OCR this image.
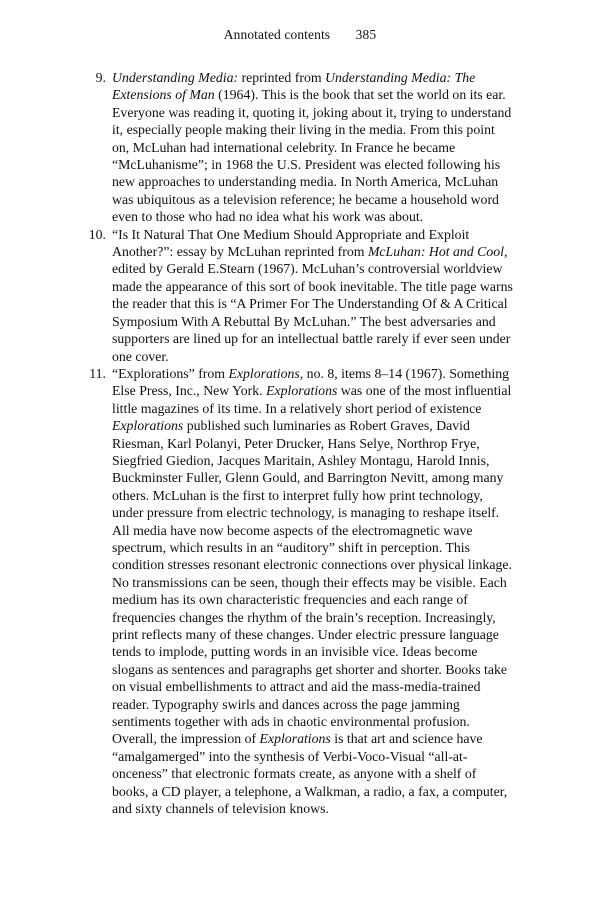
Annotated contents 385
9. Understanding Media: reprinted from Understanding Media: The Extensions of Man (1964). This is the book that set the world on its ear. Everyone was reading it, quoting it, joking about it, trying to understand it, especially people making their living in the media. From this point on, McLuhan had international celebrity. In France he became “McLuhanisme”; in 1968 the U.S. President was elected following his new approaches to understanding media. In North America, McLuhan was ubiquitous as a television reference; he became a household word even to those who had no idea what his work was about.
10. “Is It Natural That One Medium Should Appropriate and Exploit Another?”: essay by McLuhan reprinted from McLuhan: Hot and Cool, edited by Gerald E.Stearn (1967). McLuhan’s controversial worldview made the appearance of this sort of book inevitable. The title page warns the reader that this is “A Primer For The Understanding Of & A Critical Symposium With A Rebuttal By McLuhan.” The best adversaries and supporters are lined up for an intellectual battle rarely if ever seen under one cover.
11. “Explorations” from Explorations, no. 8, items 8–14 (1967). Something Else Press, Inc., New York. Explorations was one of the most influential little magazines of its time. In a relatively short period of existence Explorations published such luminaries as Robert Graves, David Riesman, Karl Polanyi, Peter Drucker, Hans Selye, Northrop Frye, Siegfried Giedion, Jacques Maritain, Ashley Montagu, Harold Innis, Buckminster Fuller, Glenn Gould, and Barrington Nevitt, among many others. McLuhan is the first to interpret fully how print technology, under pressure from electric technology, is managing to reshape itself. All media have now become aspects of the electromagnetic wave spectrum, which results in an “auditory” shift in perception. This condition stresses resonant electronic connections over physical linkage. No transmissions can be seen, though their effects may be visible. Each medium has its own characteristic frequencies and each range of frequencies changes the rhythm of the brain’s reception. Increasingly, print reflects many of these changes. Under electric pressure language tends to implode, putting words in an invisible vice. Ideas become slogans as sentences and paragraphs get shorter and shorter. Books take on visual embellishments to attract and aid the mass-media-trained reader. Typography swirls and dances across the page jamming sentiments together with ads in chaotic environmental profusion. Overall, the impression of Explorations is that art and science have “amalgamerged” into the synthesis of Verbi-Voco-Visual “all-at-onceness” that electronic formats create, as anyone with a shelf of books, a CD player, a telephone, a Walkman, a radio, a fax, a computer, and sixty channels of television knows.
